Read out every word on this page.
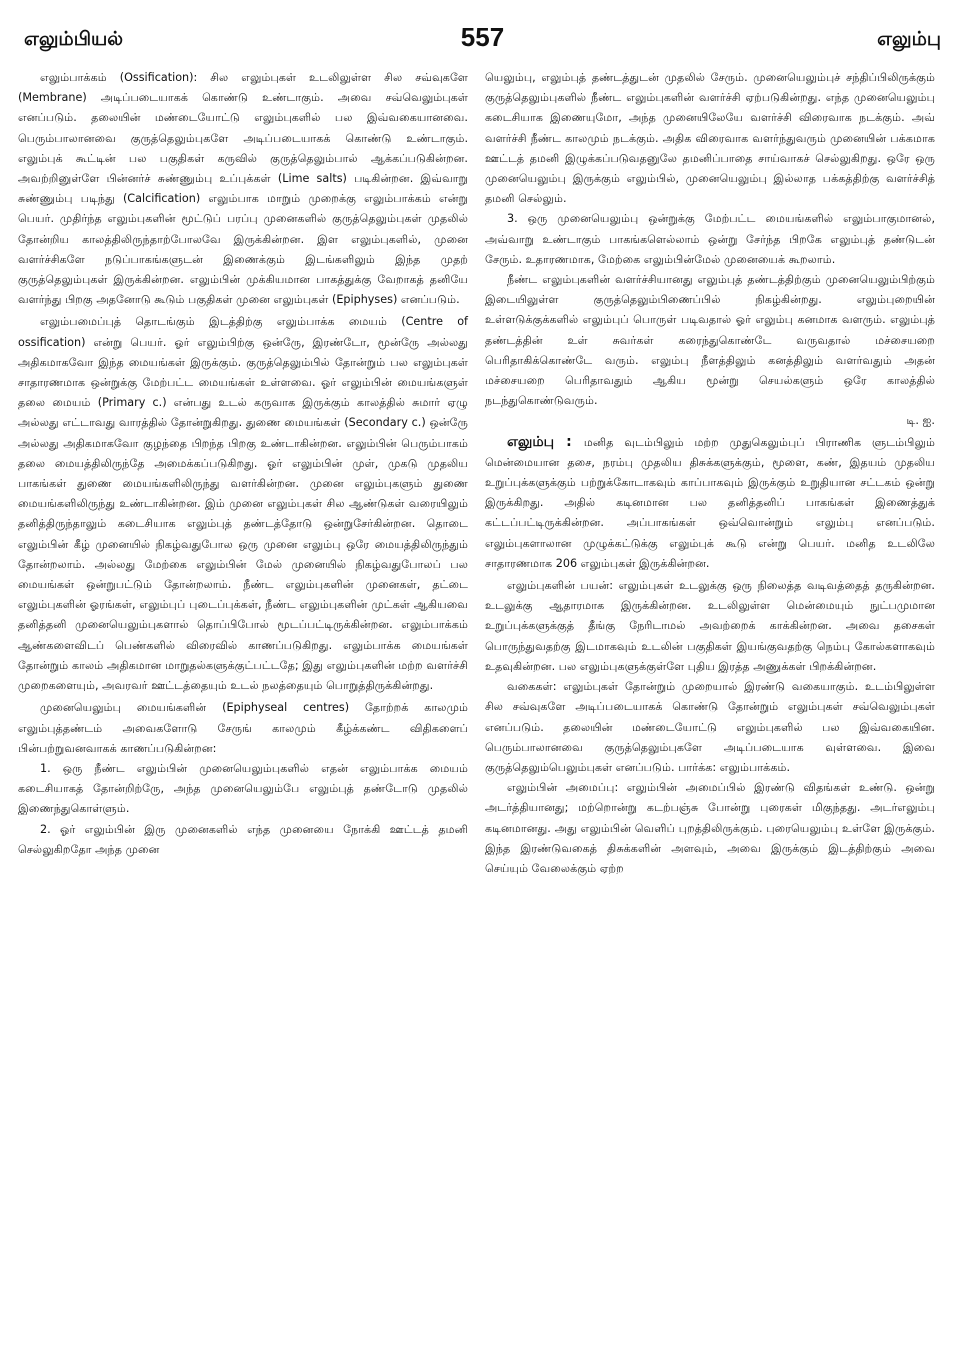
எலும்பியல்	557	எலும்பு

எலும்பாக்கம் (Ossification): சில எலும்புகள் உடலிலுள்ள சில சவ்வுகளே (Membrane) அடிப்படையாகக் கொண்டு உண்டாகும். அவை சவ்வெலும்புகள் எனப்படும். தலையின் மண்டையோட்டு எலும்புகளில் பல இவ்வகையானவை. பெரும்பாலானவை குருத்தெலும்புகளே அடிப்படையாகக் கொண்டு உண்டாகும். எலும்புக் கூட்டின் பல பகுதிகள் கருவில் குருத்தெலும்பால் ஆக்கப்படுகின்றன. அவற்றினுள்ளே பின்னர்ச் சுண்ணும்பு உப்புக்கள் (Lime salts) படிகின்றன. இவ்வாறு சுண்ணும்பு படிந்து (Calcification) எலும்பாக மாறும் முறைக்கு எலும்பாக்கம் என்று பெயர். முதிர்ந்த எலும்புகளின் மூட்டுப் பரப்பு முனைகளில் குருத்தெலும்புகள் முதலில் தோன்றிய காலத்திலிருந்தாற்போலவே இருக்கின்றன. இள எலும்புகளில், முனை வளர்ச்சிகளே நடுப்பாகங்களுடன் இணைக்கும் இடங்களிலும் இந்த முதற் குருத்தெலும்புகள் இருக்கின்றன. எலும்பின் முக்கியமான பாகத்துக்கு வேறாகத் தனியே வளர்ந்து பிறகு அதனோடு கூடும் பகுதிகள் முனை எலும்புகள் (Epiphyses) எனப்படும்.

எலும்பமைப்புத் தொடங்கும் இடத்திற்கு எலும்பாக்க மையம் (Centre of ossification) என்று பெயர். ஓர் எலும்பிற்கு ஒன்ருே, இரண்டோ, மூன்ருே அல்லது அதிகமாகவோ இந்த மையங்கள் இருக்கும். குருத்தெலும்பில் தோன்றும் பல எலும்புகள் சாதாரணமாக ஒன்றுக்கு மேற்பட்ட மையங்கள் உள்ளவை. ஓர் எலும்பின் மையங்களுள் தலை மையம் (Primary c.) என்பது உடல் கருவாக இருக்கும் காலத்தில் சுமார் ஏழு அல்லது எட்டாவது வாரத்தில் தோன்றுகிறது. துணை மையங்கள் (Secondary c.) ஒன்ருே அல்லது அதிகமாகவோ குழந்தை பிறந்த பிறகு உண்டாகின்றன. எலும்பின் பெரும்பாகம் தலை மையத்திலிருந்தே அமைக்கப்படுகிறது. ஓர் எலும்பின் முள், முகடு முதலிய பாகங்கள் துணை மையங்களிலிருந்து வளர்கின்றன. முனை எலும்புகளும் துணை மையங்களிலிருந்து உண்டாகின்றன. இம் முனை எலும்புகள் சில ஆண்டுகள் வரையிலும் தனித்திருந்தாலும் கடைசியாக எலும்புத் தண்டத்தோடு ஒன்றுசேர்கின்றன. தொடை எலும்பின் கீழ் முனையில் நிகழ்வதுபோல ஒரு முனை எலும்பு ஒரே மையத்திலிருந்தும் தோன்றலாம். அல்லது மேற்கை எலும்பின் மேல் முனையில் நிகழ்வதுபோலப் பல மையங்கள் ஒன்றுபட்டும் தோன்றலாம். நீண்ட எலும்புகளின் முனைகள், தட்டை எலும்புகளின் ஓரங்கள், எலும்புப் புடைப்புக்கள், நீண்ட எலும்புகளின் முட்கள் ஆகியவை தனித்தனி முனையெலும்புகளால் தொப்பிபோல் மூடப்பட்டிருக்கின்றன. எலும்பாக்கம் ஆண்களைவிடப் பெண்களில் விரைவில் காணப்படுகிறது. எலும்பாக்க மையங்கள் தோன்றும் காலம் அதிகமான மாறுதல்களுக்குட்பட்டதே; இது எலும்புகளின் மற்ற வளர்ச்சி முறைகளையும், அவரவர் ஊட்டத்தையும் உடல் நலத்தையும் பொறுத்திருக்கின்றது.

முனையெலும்பு மையங்களின் (Epiphyseal centres) தோற்றக் காலமும் எலும்புத்தண்டம் அவைகளோடு சேருங் காலமும் கீழ்க்கண்ட விதிகளைப் பின்பற்றுவனவாகக் காணப்படுகின்றன:

1. ஒரு நீண்ட எலும்பின் முனையெலும்புகளில் எதன் எலும்பாக்க மையம் கடைசியாகத் தோன்றிற்ருே, அந்த முனையெலும்பே எலும்புத் தண்டோடு முதலில் இணைந்துகொள்ளும்.

2. ஓர் எலும்பின் இரு முனைகளில் எந்த முனையை நோக்கி ஊட்டத் தமனி செல்லுகிறதோ அந்த முனை

யெலும்பு, எலும்புத் தண்டத்துடன் முதலில் சேரும். முனையெலும்புச் சந்திப்பிலிருக்கும் குருத்தெலும்புகளில் நீண்ட எலும்புகளின் வளர்ச்சி ஏற்படுகின்றது. எந்த முனையெலும்பு கடைசியாக இணையுமோ, அந்த முனையிலேயே வளர்ச்சி விரைவாக நடக்கும். அவ் வளர்ச்சி நீண்ட காலமும் நடக்கும். அதிக விரைவாக வளர்ந்துவரும் முனையின் பக்கமாக ஊட்டத் தமனி இழுக்கப்படுவதனுலே தமனிப்பாதை சாய்வாகச் செல்லுகிறது. ஒரே ஒரு முனையெலும்பு இருக்கும் எலும்பில், முனையெலும்பு இல்லாத பக்கத்திற்கு வளர்ச்சித் தமனி செல்லும்.

3. ஒரு முனையெலும்பு ஒன்றுக்கு மேற்பட்ட மையங்களில் எலும்பாகுமானல், அவ்வாறு உண்டாகும் பாகங்களெல்லாம் ஒன்று சேர்ந்த பிறகே எலும்புத் தண்டுடன் சேரும். உதாரணமாக, மேற்கை எலும்பின்மேல் முனையைக் கூறலாம்.

நீண்ட எலும்புகளின் வளர்ச்சியானது எலும்புத் தண்டத்திற்கும் முனையெலும்பிற்கும் இடையிலுள்ள குருத்தெலும்பிணைப்பில் நிகழ்கின்றது. எலும்புறையின் உள்ளடுக்குக்களில் எலும்புப் பொருள் படிவதால் ஓர் எலும்பு கனமாக வளரும். எலும்புத் தண்டத்தின் உள் சுவர்கள் கரைந்துகொண்டே வருவதால் மச்சையறை பெரிதாகிக்கொண்டே வரும். எலும்பு நீளத்திலும் கனத்திலும் வளர்வதும் அதன் மச்சையறை பெரிதாவதும் ஆகிய மூன்று செயல்களும் ஒரே காலத்தில் நடந்துகொண்டுவரும்.

டி. ஐ.

எலும்பு : மனித வுடம்பிலும் மற்ற முதுகெலும்புப் பிராணிக ளுடம்பிலும் மென்மையான தசை, நரம்பு முதலிய திசுக்களுக்கும், மூளை, கண், இதயம் முதலிய உறுப்புக்களுக்கும் பற்றுக்கோடாகவும் காப்பாகவும் இருக்கும் உறுதியான சட்டகம் ஒன்று இருக்கிறது. அதில் கடினமான பல தனித்தனிப் பாகங்கள் இணைத்துக் கட்டப்பட்டிருக்கின்றன. அப்பாகங்கள் ஒவ்வொன்றும் எலும்பு எனப்படும். எலும்புகளாலான முழுக்கட்டுக்கு எலும்புக் கூடு என்று பெயர். மனித உடலிலே சாதாரணமாக 206 எலும்புகள் இருக்கின்றன.

எலும்புகளின் பயன்: எலும்புகள் உடலுக்கு ஒரு நிலைத்த வடிவத்தைத் தருகின்றன. உடலுக்கு ஆதாரமாக இருக்கின்றன. உடலிலுள்ள மென்மையும் நுட்பமுமான உறுப்புக்களுக்குத் தீங்கு நேரிடாமல் அவற்றைக் காக்கின்றன. அவை தசைகள் பொருந்துவதற்கு இடமாகவும் உடலின் பகுதிகள் இயங்குவதற்கு நெம்பு கோல்களாகவும் உதவுகின்றன. பல எலும்புகளுக்குள்ளே புதிய இரத்த அணுக்கள் பிறக்கின்றன.

வகைகள்: எலும்புகள் தோன்றும் முறையால் இரண்டு வகையாகும். உடம்பிலுள்ள சில சவ்வுகளே அடிப்படையாகக் கொண்டு தோன்றும் எலும்புகள் சவ்வெலும்புகள் எனப்படும். தலையின் மண்டையோட்டு எலும்புகளில் பல இவ்வகையின. பெரும்பாலானவை குருத்தெலும்புகளே அடிப்படையாக வுள்ளவை. இவை குருத்தெலும்பெலும்புகள் எனப்படும். பார்க்க: எலும்பாக்கம்.

எலும்பின் அமைப்பு: எலும்பின் அமைப்பில் இரண்டு விதங்கள் உண்டு. ஒன்று அடர்த்தியானது; மற்றொன்று கடற்பஞ்சு போன்று புரைகள் மிகுந்தது. அடர்எலும்பு கடினமானது. அது எலும்பின் வெளிப் புறத்திலிருக்கும். புரையெலும்பு உள்ளே இருக்கும். இந்த இரண்டுவகைத் திசுக்களின் அளவும், அவை இருக்கும் இடத்திற்கும் அவை செய்யும் வேலைக்கும் ஏற்ற
